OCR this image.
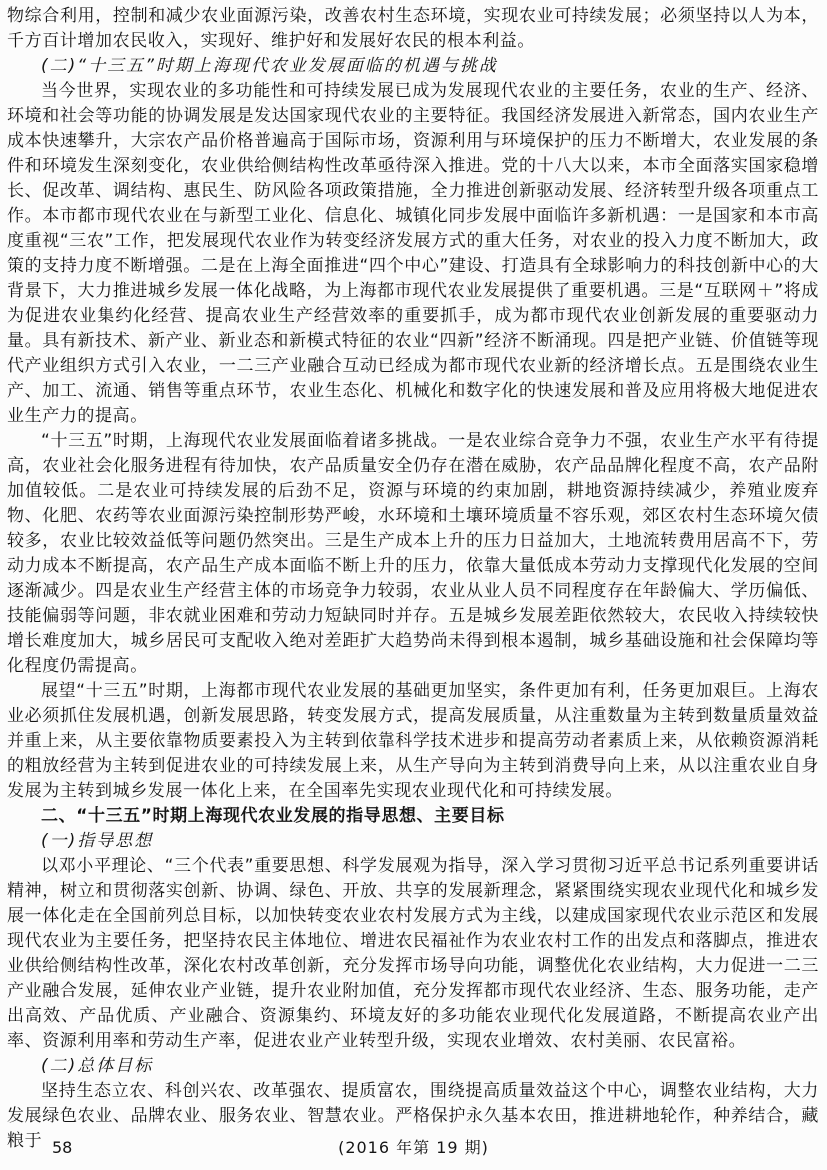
物综合利用，控制和减少农业面源污染，改善农村生态环境，实现农业可持续发展；必须坚持以人为本，千方百计增加农民收入，实现好、维护好和发展好农民的根本利益。

(二)“十三五”时期上海现代农业发展面临的机遇与挑战

当今世界，实现农业的多功能性和可持续发展已成为发展现代农业的主要任务，农业的生产、经济、环境和社会等功能的协调发展是发达国家现代农业的主要特征。我国经济发展进入新常态，国内农业生产成本快速攀升，大宗农产品价格普遍高于国际市场，资源利用与环境保护的压力不断增大，农业发展的条件和环境发生深刻变化，农业供给侧结构性改革亟待深入推进。党的十八大以来，本市全面落实国家稳增长、促改革、调结构、惠民生、防风险各项政策措施，全力推进创新驱动发展、经济转型升级各项重点工作。本市都市现代农业在与新型工业化、信息化、城镇化同步发展中面临许多新机遇：一是国家和本市高度重视“三农”工作，把发展现代农业作为转变经济发展方式的重大任务，对农业的投入力度不断加大，政策的支持力度不断增强。二是在上海全面推进“四个中心”建设、打造具有全球影响力的科技创新中心的大背景下，大力推进城乡发展一体化战略，为上海都市现代农业发展提供了重要机遇。三是“互联网＋”将成为促进农业集约化经营、提高农业生产经营效率的重要抓手，成为都市现代农业创新发展的重要驱动力量。具有新技术、新产业、新业态和新模式特征的农业“四新”经济不断涌现。四是把产业链、价值链等现代产业组织方式引入农业，一二三产业融合互动已经成为都市现代农业新的经济增长点。五是围绕农业生产、加工、流通、销售等重点环节，农业生态化、机械化和数字化的快速发展和普及应用将极大地促进农业生产力的提高。

“十三五”时期，上海现代农业发展面临着诸多挑战。一是农业综合竞争力不强，农业生产水平有待提高，农业社会化服务进程有待加快，农产品质量安全仍存在潜在威胁，农产品品牌化程度不高，农产品附加值较低。二是农业可持续发展的后劲不足，资源与环境的约束加剧，耕地资源持续减少，养殖业废弃物、化肥、农药等农业面源污染控制形势严峻，水环境和土壤环境质量不容乐观，郊区农村生态环境欠债较多，农业比较效益低等问题仍然突出。三是生产成本上升的压力日益加大，土地流转费用居高不下，劳动力成本不断提高，农产品生产成本面临不断上升的压力，依靠大量低成本劳动力支撑现代化发展的空间逐渐减少。四是农业生产经营主体的市场竞争力较弱，农业从业人员不同程度存在年龄偏大、学历偏低、技能偏弱等问题，非农就业困难和劳动力短缺同时并存。五是城乡发展差距依然较大，农民收入持续较快增长难度加大，城乡居民可支配收入绝对差距扩大趋势尚未得到根本遏制，城乡基础设施和社会保障均等化程度仍需提高。

展望“十三五”时期，上海都市现代农业发展的基础更加坚实，条件更加有利，任务更加艰巨。上海农业必须抓住发展机遇，创新发展思路，转变发展方式，提高发展质量，从注重数量为主转到数量质量效益并重上来，从主要依靠物质要素投入为主转到依靠科学技术进步和提高劳动者素质上来，从依赖资源消耗的粗放经营为主转到促进农业的可持续发展上来，从生产导向为主转到消费导向上来，从以注重农业自身发展为主转到城乡发展一体化上来，在全国率先实现农业现代化和可持续发展。

二、“十三五”时期上海现代农业发展的指导思想、主要目标

(一)指导思想

以邓小平理论、“三个代表”重要思想、科学发展观为指导，深入学习贯彻习近平总书记系列重要讲话精神，树立和贯彻落实创新、协调、绿色、开放、共享的发展新理念，紧紧围绕实现农业现代化和城乡发展一体化走在全国前列总目标，以加快转变农业农村发展方式为主线，以建成国家现代农业示范区和发展现代农业为主要任务，把坚持农民主体地位、增进农民福祉作为农业农村工作的出发点和落脚点，推进农业供给侧结构性改革，深化农村改革创新，充分发挥市场导向功能，调整优化农业结构，大力促进一二三产业融合发展，延伸农业产业链，提升农业附加值，充分发挥都市现代农业经济、生态、服务功能，走产出高效、产品优质、产业融合、资源集约、环境友好的多功能农业现代化发展道路，不断提高农业产出率、资源利用率和劳动生产率，促进农业产业转型升级，实现农业增效、农村美丽、农民富裕。

(二)总体目标

坚持生态立农、科创兴农、改革强农、提质富农，围绕提高质量效益这个中心，调整农业结构，大力发展绿色农业、品牌农业、服务农业、智慧农业。严格保护永久基本农田，推进耕地轮作，种养结合，藏粮于 58	(2016 年第 19 期)
